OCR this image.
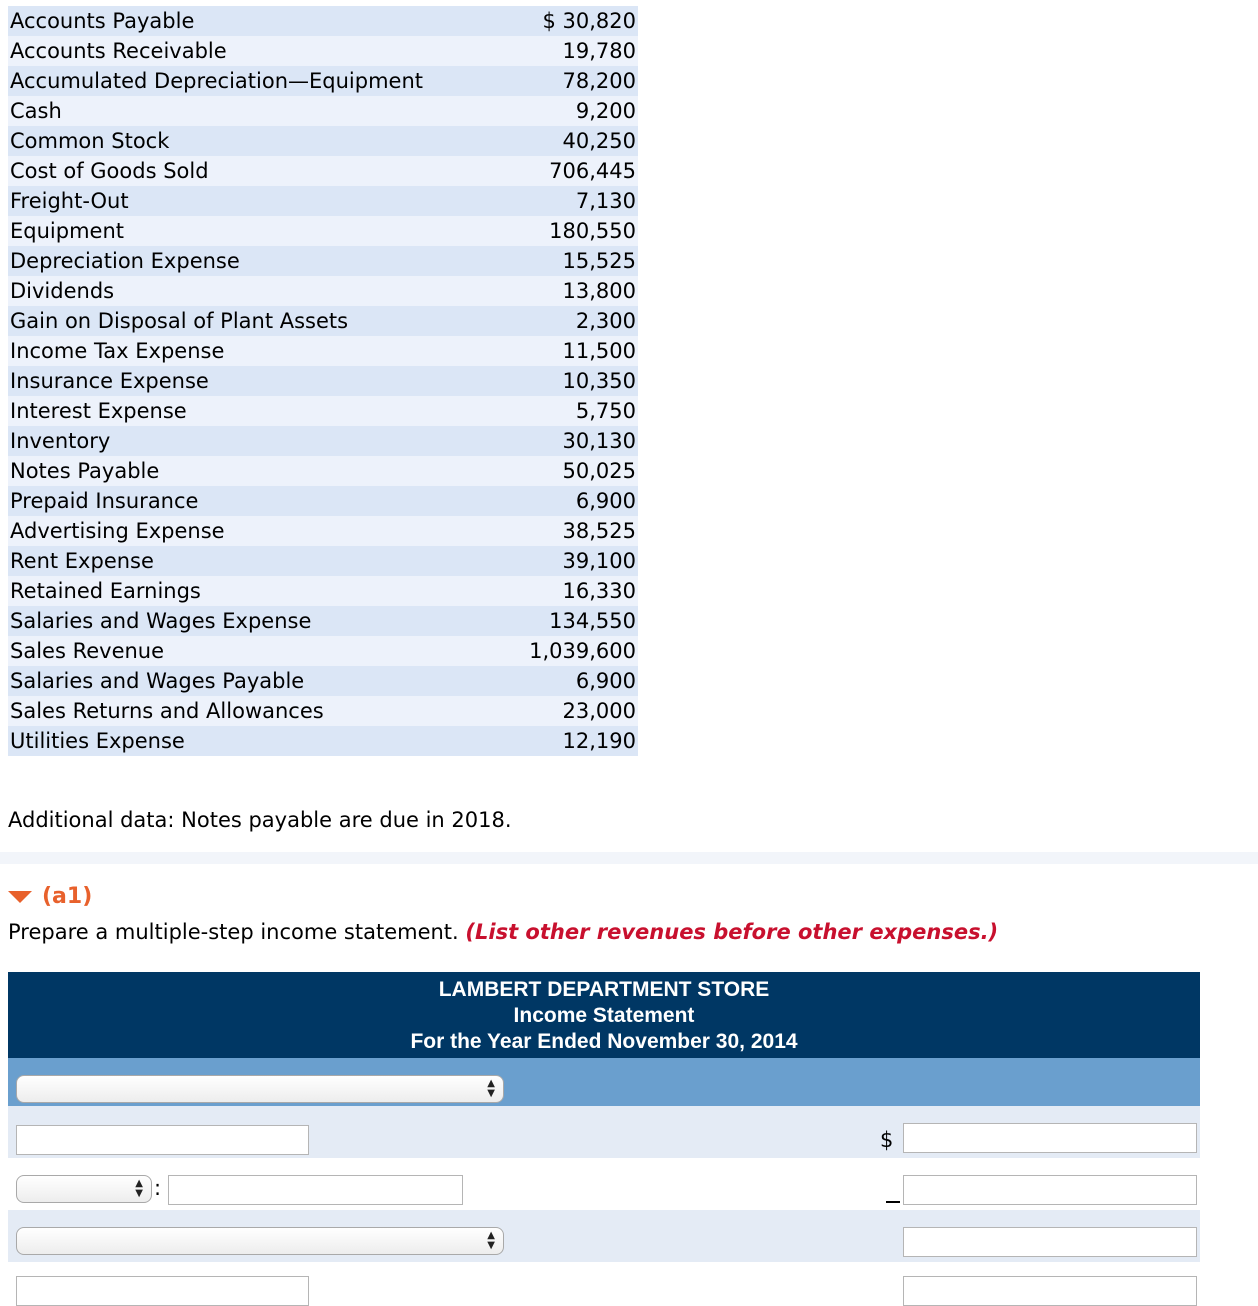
Accounts Payable	$ 30,820
Accounts Receivable	19,780
Accumulated Depreciation—Equipment	78,200
Cash	9,200
Common Stock	40,250
Cost of Goods Sold	706,445
Freight-Out	7,130
Equipment	180,550
Depreciation Expense	15,525
Dividends	13,800
Gain on Disposal of Plant Assets	2,300
Income Tax Expense	11,500
Insurance Expense	10,350
Interest Expense	5,750
Inventory	30,130
Notes Payable	50,025
Prepaid Insurance	6,900
Advertising Expense	38,525
Rent Expense	39,100
Retained Earnings	16,330
Salaries and Wages Expense	134,550
Sales Revenue	1,039,600
Salaries and Wages Payable	6,900
Sales Returns and Allowances	23,000
Utilities Expense	12,190
Additional data: Notes payable are due in 2018.
(a1)
Prepare a multiple-step income statement. (List other revenues before other expenses.)
LAMBERT DEPARTMENT STORE
Income Statement
For the Year Ended November 30, 2014
▲
▼
$
▲
▼ :
▲
▼
